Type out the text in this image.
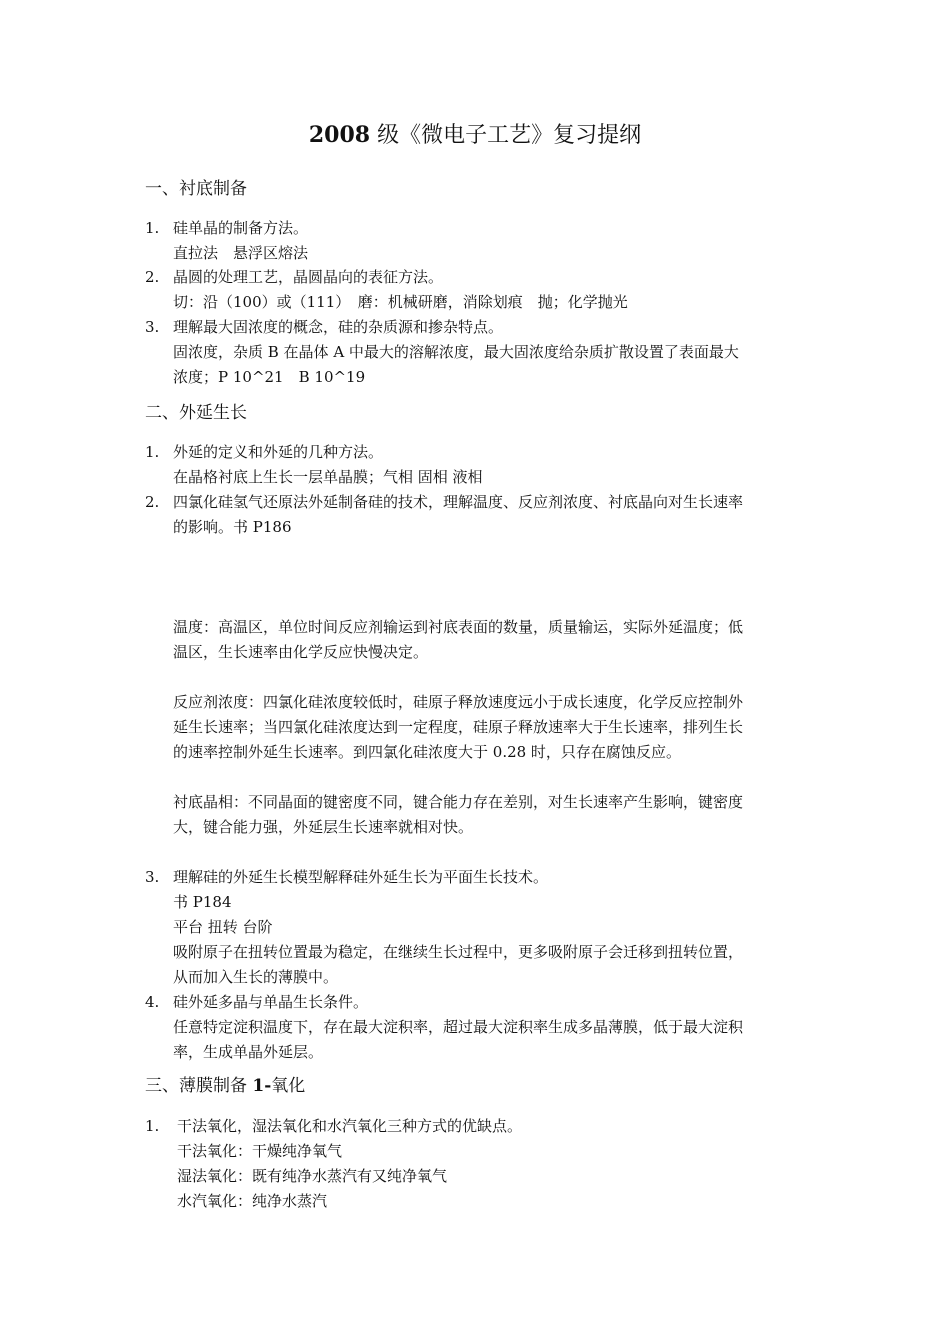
2008 级《微电子工艺》复习提纲
一、衬底制备
1. 硅单晶的制备方法。
直拉法　悬浮区熔法
2. 晶圆的处理工艺，晶圆晶向的表征方法。
切：沿（100）或（111）　磨：机械研磨，消除划痕　抛；化学抛光
3. 理解最大固浓度的概念，硅的杂质源和掺杂特点。
固浓度，杂质 B 在晶体 A 中最大的溶解浓度，最大固浓度给杂质扩散设置了表面最大
浓度；P 10^21　B 10^19
二、外延生长
1. 外延的定义和外延的几种方法。
在晶格衬底上生长一层单晶膜；气相 固相 液相
2. 四氯化硅氢气还原法外延制备硅的技术，理解温度、反应剂浓度、衬底晶向对生长速率
的影响。书 P186
温度：高温区，单位时间反应剂输运到衬底表面的数量，质量输运，实际外延温度；低
温区，生长速率由化学反应快慢决定。
反应剂浓度：四氯化硅浓度较低时，硅原子释放速度远小于成长速度，化学反应控制外
延生长速率；当四氯化硅浓度达到一定程度，硅原子释放速率大于生长速率，排列生长
的速率控制外延生长速率。到四氯化硅浓度大于 0.28 时，只存在腐蚀反应。
衬底晶相：不同晶面的键密度不同，键合能力存在差别，对生长速率产生影响，键密度
大，键合能力强，外延层生长速率就相对快。
3. 理解硅的外延生长模型解释硅外延生长为平面生长技术。
书 P184
平台 扭转 台阶
吸附原子在扭转位置最为稳定，在继续生长过程中，更多吸附原子会迁移到扭转位置，
从而加入生长的薄膜中。
4. 硅外延多晶与单晶生长条件。
任意特定淀积温度下，存在最大淀积率，超过最大淀积率生成多晶薄膜，低于最大淀积
率，生成单晶外延层。
三、薄膜制备 1-氧化
1. 干法氧化，湿法氧化和水汽氧化三种方式的优缺点。
干法氧化：干燥纯净氧气
湿法氧化：既有纯净水蒸汽有又纯净氧气
水汽氧化：纯净水蒸汽
